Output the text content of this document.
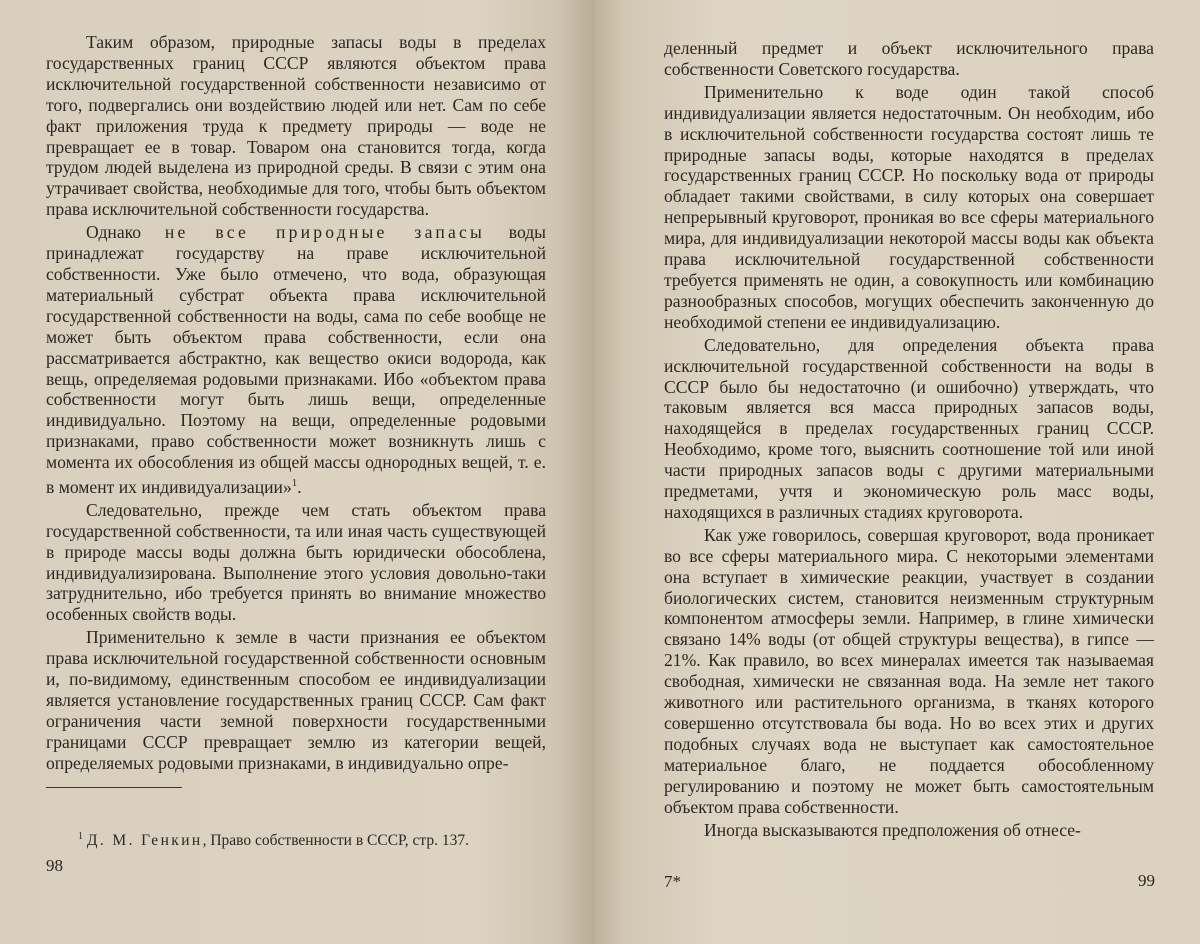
Таким образом, природные запасы воды в пределах государственных границ СССР являются объектом права исключительной государственной собственности независимо от того, подвергались они воздействию людей или нет. Сам по себе факт приложения труда к предмету природы — воде не превращает ее в товар. Товаром она становится тогда, когда трудом людей выделена из природной среды. В связи с этим она утрачивает свойства, необходимые для того, чтобы быть объектом права исключительной собственности государства.

Однако не все природные запасы воды принадлежат государству на праве исключительной собственности. Уже было отмечено, что вода, образующая материальный субстрат объекта права исключительной государственной собственности на воды, сама по себе вообще не может быть объектом права собственности, если она рассматривается абстрактно, как вещество окиси водорода, как вещь, определяемая родовыми признаками. Ибо «объектом права собственности могут быть лишь вещи, определенные индивидуально. Поэтому на вещи, определенные родовыми признаками, право собственности может возникнуть лишь с момента их обособления из общей массы однородных вещей, т. е. в момент их индивидуализации»$^1$.

Следовательно, прежде чем стать объектом права государственной собственности, та или иная часть существующей в природе массы воды должна быть юридически обособлена, индивидуализирована. Выполнение этого условия довольно-таки затруднительно, ибо требуется принять во внимание множество особенных свойств воды.

Применительно к земле в части признания ее объектом права исключительной государственной собственности основным и, по-видимому, единственным способом ее индивидуализации является установление государственных границ СССР. Сам факт ограничения части земной поверхности государственными границами СССР превращает землю из категории вещей, определяемых родовыми признаками, в индивидуально опре-

$^1$ Д. М. Генкин, Право собственности в СССР, стр. 137.
98

деленный предмет и объект исключительного права собственности Советского государства.

Применительно к воде один такой способ индивидуализации является недостаточным. Он необходим, ибо в исключительной собственности государства состоят лишь те природные запасы воды, которые находятся в пределах государственных границ СССР. Но поскольку вода от природы обладает такими свойствами, в силу которых она совершает непрерывный круговорот, проникая во все сферы материального мира, для индивидуализации некоторой массы воды как объекта права исключительной государственной собственности требуется применять не один, а совокупность или комбинацию разнообразных способов, могущих обеспечить законченную до необходимой степени ее индивидуализацию.

Следовательно, для определения объекта права исключительной государственной собственности на воды в СССР было бы недостаточно (и ошибочно) утверждать, что таковым является вся масса природных запасов воды, находящейся в пределах государственных границ СССР. Необходимо, кроме того, выяснить соотношение той или иной части природных запасов воды с другими материальными предметами, учтя и экономическую роль масс воды, находящихся в различных стадиях круговорота.

Как уже говорилось, совершая круговорот, вода проникает во все сферы материального мира. С некоторыми элементами она вступает в химические реакции, участвует в создании биологических систем, становится неизменным структурным компонентом атмосферы земли. Например, в глине химически связано 14% воды (от общей структуры вещества), в гипсе — 21%. Как правило, во всех минералах имеется так называемая свободная, химически не связанная вода. На земле нет такого животного или растительного организма, в тканях которого совершенно отсутствовала бы вода. Но во всех этих и других подобных случаях вода не выступает как самостоятельное материальное благо, не поддается обособленному регулированию и поэтому не может быть самостоятельным объектом права собственности.

Иногда высказываются предположения об отнесе-

7*	99
